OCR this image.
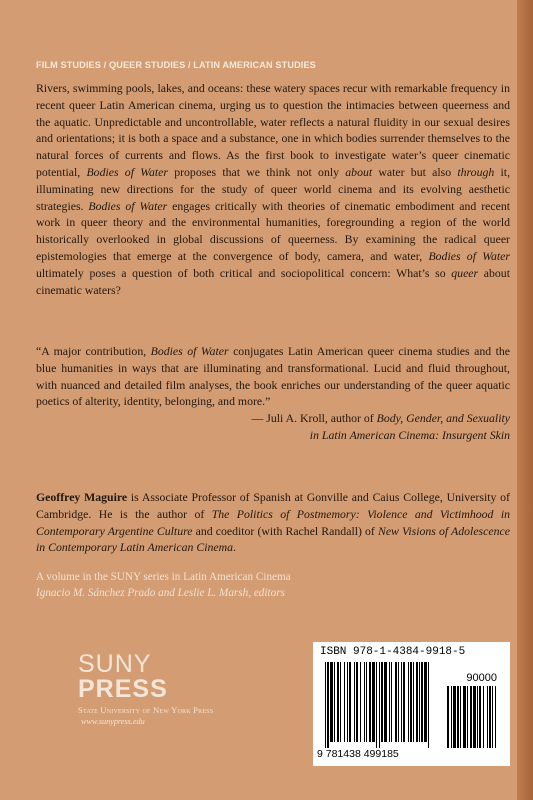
FILM STUDIES / QUEER STUDIES / LATIN AMERICAN STUDIES

Rivers, swimming pools, lakes, and oceans: these watery spaces recur with remarkable frequency in recent queer Latin American cinema, urging us to question the intimacies between queerness and the aquatic. Unpredictable and uncontrollable, water reflects a natural fluidity in our sexual desires and orientations; it is both a space and a substance, one in which bodies surrender themselves to the natural forces of currents and flows. As the first book to investigate water’s queer cinematic potential, Bodies of Water proposes that we think not only about water but also through it, illuminating new directions for the study of queer world cinema and its evolving aesthetic strategies. Bodies of Water engages critically with theories of cinematic embodiment and recent work in queer theory and the environmental humanities, foregrounding a region of the world historically overlooked in global discussions of queerness. By examining the radical queer epistemologies that emerge at the convergence of body, camera, and water, Bodies of Water ultimately poses a question of both critical and sociopolitical concern: What’s so queer about cinematic waters?

“A major contribution, Bodies of Water conjugates Latin American queer cinema studies and the blue humanities in ways that are illuminating and transformational. Lucid and fluid throughout, with nuanced and detailed film analyses, the book enriches our understanding of the queer aquatic poetics of alterity, identity, belonging, and more.”

— Juli A. Kroll, author of Body, Gender, and Sexuality
in Latin American Cinema: Insurgent Skin

Geoffrey Maguire is Associate Professor of Spanish at Gonville and Caius College, University of Cambridge. He is the author of The Politics of Postmemory: Violence and Victimhood in Contemporary Argentine Culture and coeditor (with Rachel Randall) of New Visions of Adolescence in Contemporary Latin American Cinema.

A volume in the SUNY series in Latin American Cinema
Ignacio M. Sánchez Prado and Leslie L. Marsh, editors
SUNY
PRESS
State University of New York Press
www.sunypress.edu
ISBN 978-1-4384-9918-5
90000
9 781438 499185
